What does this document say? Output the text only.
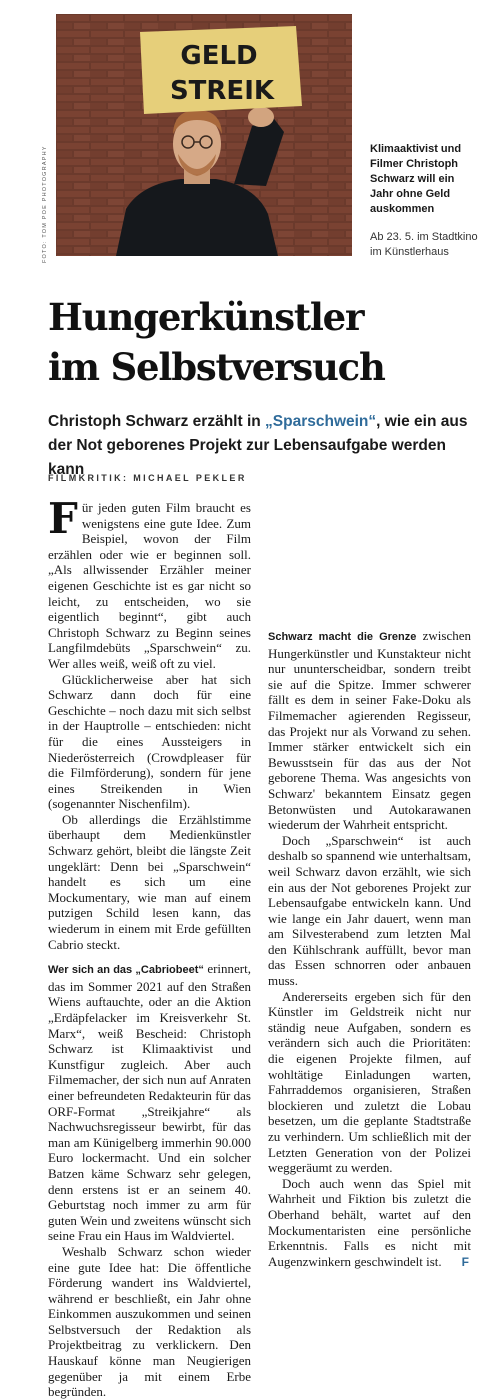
GELD
STREIK
FOTO: TOM POE PHOTOGRAPHY	Klimaaktivist und Filmer Christoph Schwarz will ein Jahr ohne Geld auskommen
Ab 23. 5. im Stadtkino im Künstlerhaus
Hungerkünstler
im Selbstversuch
Christoph Schwarz erzählt in „Sparschwein“, wie ein aus der Not geborenes Projekt zur Lebensaufgabe werden kann
FILMKRITIK: MICHAEL PEKLER

Für jeden guten Film braucht es wenigstens eine gute Idee. Zum Beispiel, wovon der Film erzählen oder wie er beginnen soll. „Als allwissender Erzähler meiner eigenen Geschichte ist es gar nicht so leicht, zu entscheiden, wo sie eigentlich beginnt“, gibt auch Christoph Schwarz zu Beginn seines Langfilmdebüts „Sparschwein“ zu. Wer alles weiß, weiß oft zu viel.

Glücklicherweise aber hat sich Schwarz dann doch für eine Geschichte – noch dazu mit sich selbst in der Hauptrolle – entschieden: nicht für die eines Aussteigers in Niederösterreich (Crowdpleaser für die Filmförderung), sondern für jene eines Streikenden in Wien (sogenannter Nischenfilm).

Ob allerdings die Erzählstimme überhaupt dem Medienkünstler Schwarz gehört, bleibt die längste Zeit ungeklärt: Denn bei „Sparschwein“ handelt es sich um eine Mockumentary, wie man auf einem putzigen Schild lesen kann, das wiederum in einem mit Erde gefüllten Cabrio steckt.

Wer sich an das „Cabriobeet“ erinnert, das im Sommer 2021 auf den Straßen Wiens auftauchte, oder an die Aktion „Erdäpfelacker im Kreisverkehr St. Marx“, weiß Bescheid: Christoph Schwarz ist Klimaaktivist und Kunstfigur zugleich. Aber auch Filmemacher, der sich nun auf Anraten einer befreundeten Redakteurin für das ORF-Format „Streikjahre“ als Nachwuchsregisseur bewirbt, für das man am Künigelberg immerhin 90.000 Euro lockermacht. Und ein solcher Batzen käme Schwarz sehr gelegen, denn erstens ist er an seinem 40. Geburtstag noch immer zu arm für guten Wein und zweitens wünscht sich seine Frau ein Haus im Waldviertel.

Weshalb Schwarz schon wieder eine gute Idee hat: Die öffentliche Förderung wandert ins Waldviertel, während er beschließt, ein Jahr ohne Einkommen auszukommen und seinen Selbstversuch der Redaktion als Projektbeitrag zu verklickern. Den Hauskauf könne man Neugierigen gegenüber ja mit einem Erbe begründen.

Schwarz macht die Grenze zwischen Hungerkünstler und Kunstakteur nicht nur ununterscheidbar, sondern treibt sie auf die Spitze. Immer schwerer fällt es dem in seiner Fake-Doku als Filmemacher agierenden Regisseur, das Projekt nur als Vorwand zu sehen. Immer stärker entwickelt sich ein Bewusstsein für das aus der Not geborene Thema. Was angesichts von Schwarz' bekanntem Einsatz gegen Betonwüsten und Autokarawanen wiederum der Wahrheit entspricht.

Doch „Sparschwein“ ist auch deshalb so spannend wie unterhaltsam, weil Schwarz davon erzählt, wie sich ein aus der Not geborenes Projekt zur Lebensaufgabe entwickeln kann. Und wie lange ein Jahr dauert, wenn man am Silvesterabend zum letzten Mal den Kühlschrank auffüllt, bevor man das Essen schnorren oder anbauen muss.

Andererseits ergeben sich für den Künstler im Geldstreik nicht nur ständig neue Aufgaben, sondern es verändern sich auch die Prioritäten: die eigenen Projekte filmen, auf wohltätige Einladungen warten, Fahrraddemos organisieren, Straßen blockieren und zuletzt die Lobau besetzen, um die geplante Stadtstraße zu verhindern. Um schließlich mit der Letzten Generation von der Polizei weggeräumt zu werden.

Doch auch wenn das Spiel mit Wahrheit und Fiktion bis zuletzt die Oberhand behält, wartet auf den Mockumentaristen eine persönliche Erkenntnis. Falls es nicht mit Augenzwinkern geschwindelt ist. F
